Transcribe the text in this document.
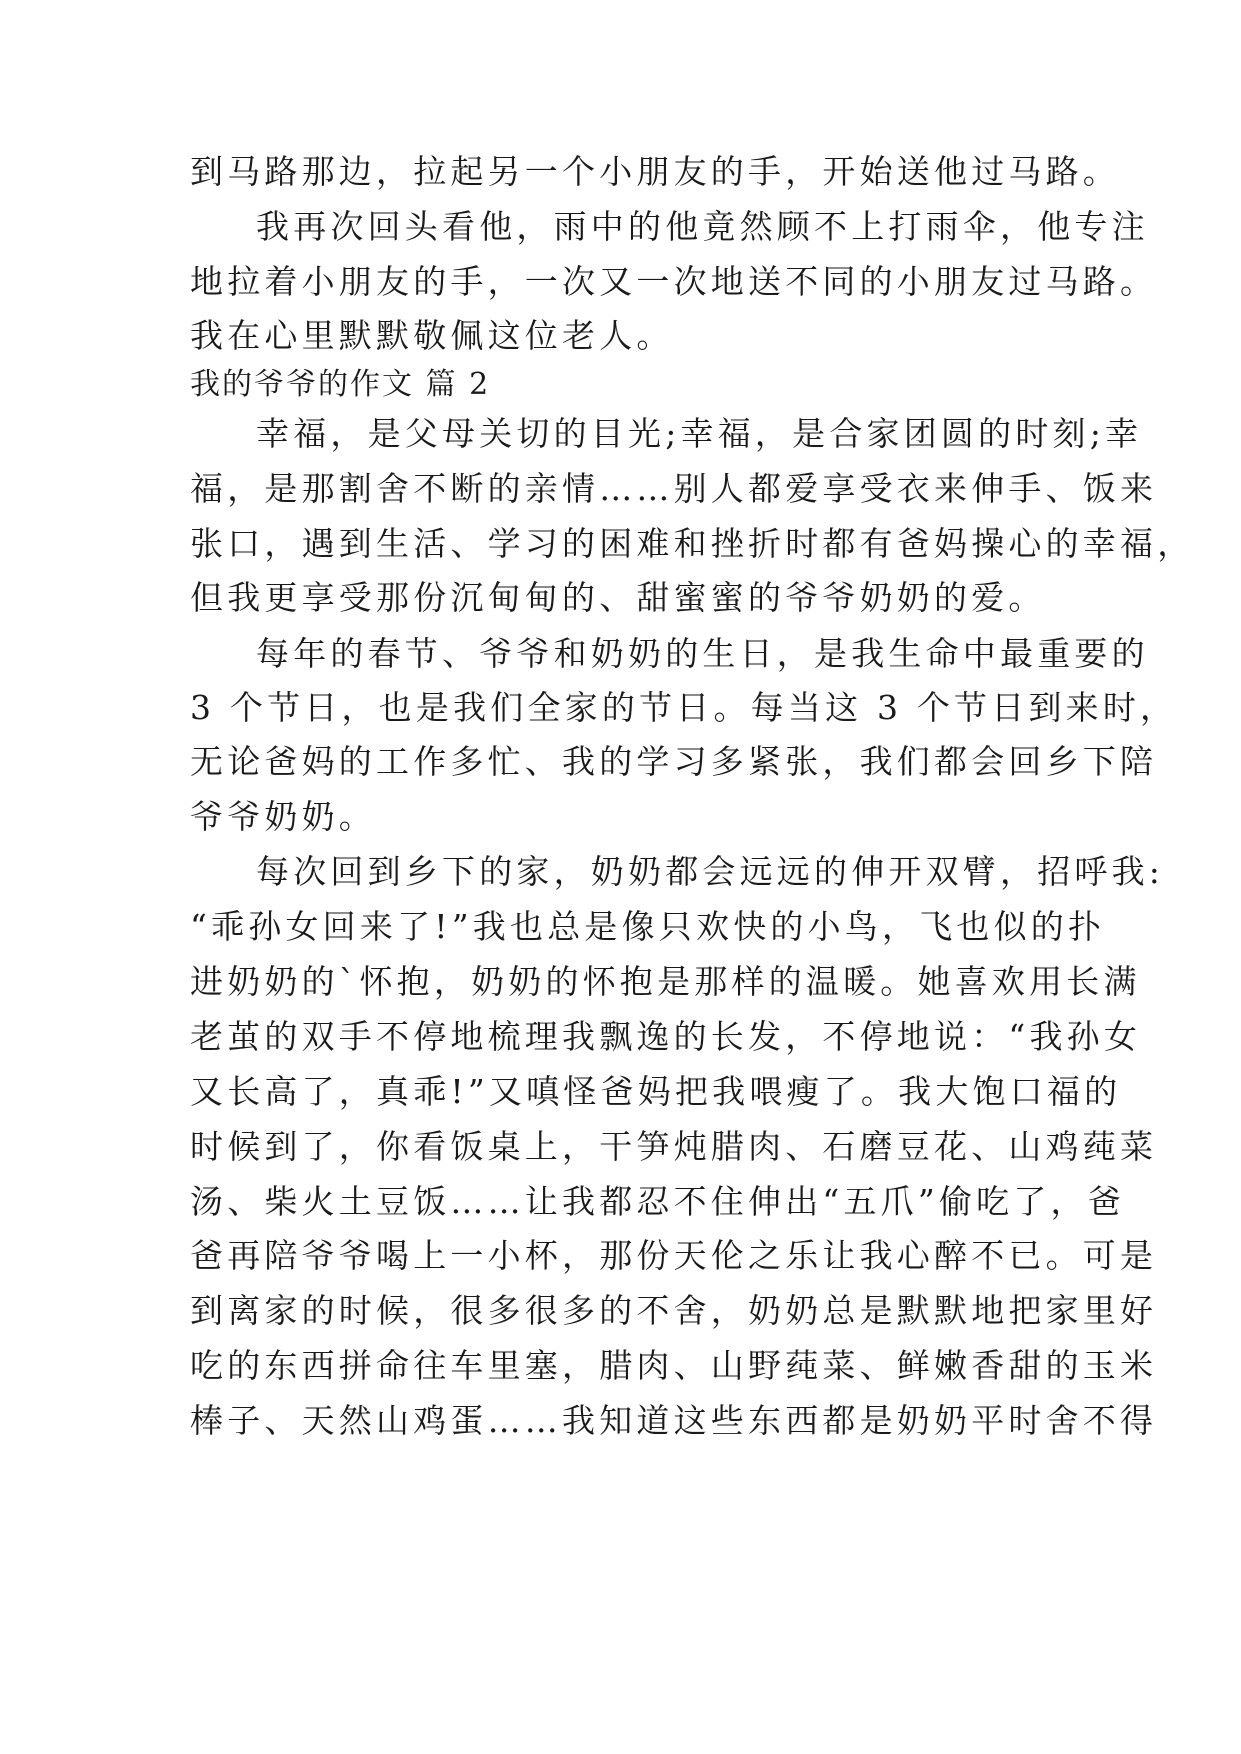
到马路那边，拉起另一个小朋友的手，开始送他过马路。
我再次回头看他，雨中的他竟然顾不上打雨伞，他专注
地拉着小朋友的手，一次又一次地送不同的小朋友过马路。
我在心里默默敬佩这位老人。
我的爷爷的作文 篇 2
幸福，是父母关切的目光;幸福，是合家团圆的时刻;幸
福，是那割舍不断的亲情……别人都爱享受衣来伸手、饭来
张口，遇到生活、学习的困难和挫折时都有爸妈操心的幸福，
但我更享受那份沉甸甸的、甜蜜蜜的爷爷奶奶的爱。
每年的春节、爷爷和奶奶的生日，是我生命中最重要的
3 个节日，也是我们全家的节日。每当这 3 个节日到来时，
无论爸妈的工作多忙、我的学习多紧张，我们都会回乡下陪
爷爷奶奶。
每次回到乡下的家，奶奶都会远远的伸开双臂，招呼我:
“乖孙女回来了!”我也总是像只欢快的小鸟，飞也似的扑
进奶奶的`怀抱，奶奶的怀抱是那样的温暖。她喜欢用长满
老茧的双手不停地梳理我飘逸的长发，不停地说：“我孙女
又长高了，真乖!”又嗔怪爸妈把我喂瘦了。我大饱口福的
时候到了，你看饭桌上，干笋炖腊肉、石磨豆花、山鸡莼菜
汤、柴火土豆饭……让我都忍不住伸出“五爪”偷吃了，爸
爸再陪爷爷喝上一小杯，那份天伦之乐让我心醉不已。可是
到离家的时候，很多很多的不舍，奶奶总是默默地把家里好
吃的东西拼命往车里塞，腊肉、山野莼菜、鲜嫩香甜的玉米
棒子、天然山鸡蛋……我知道这些东西都是奶奶平时舍不得
